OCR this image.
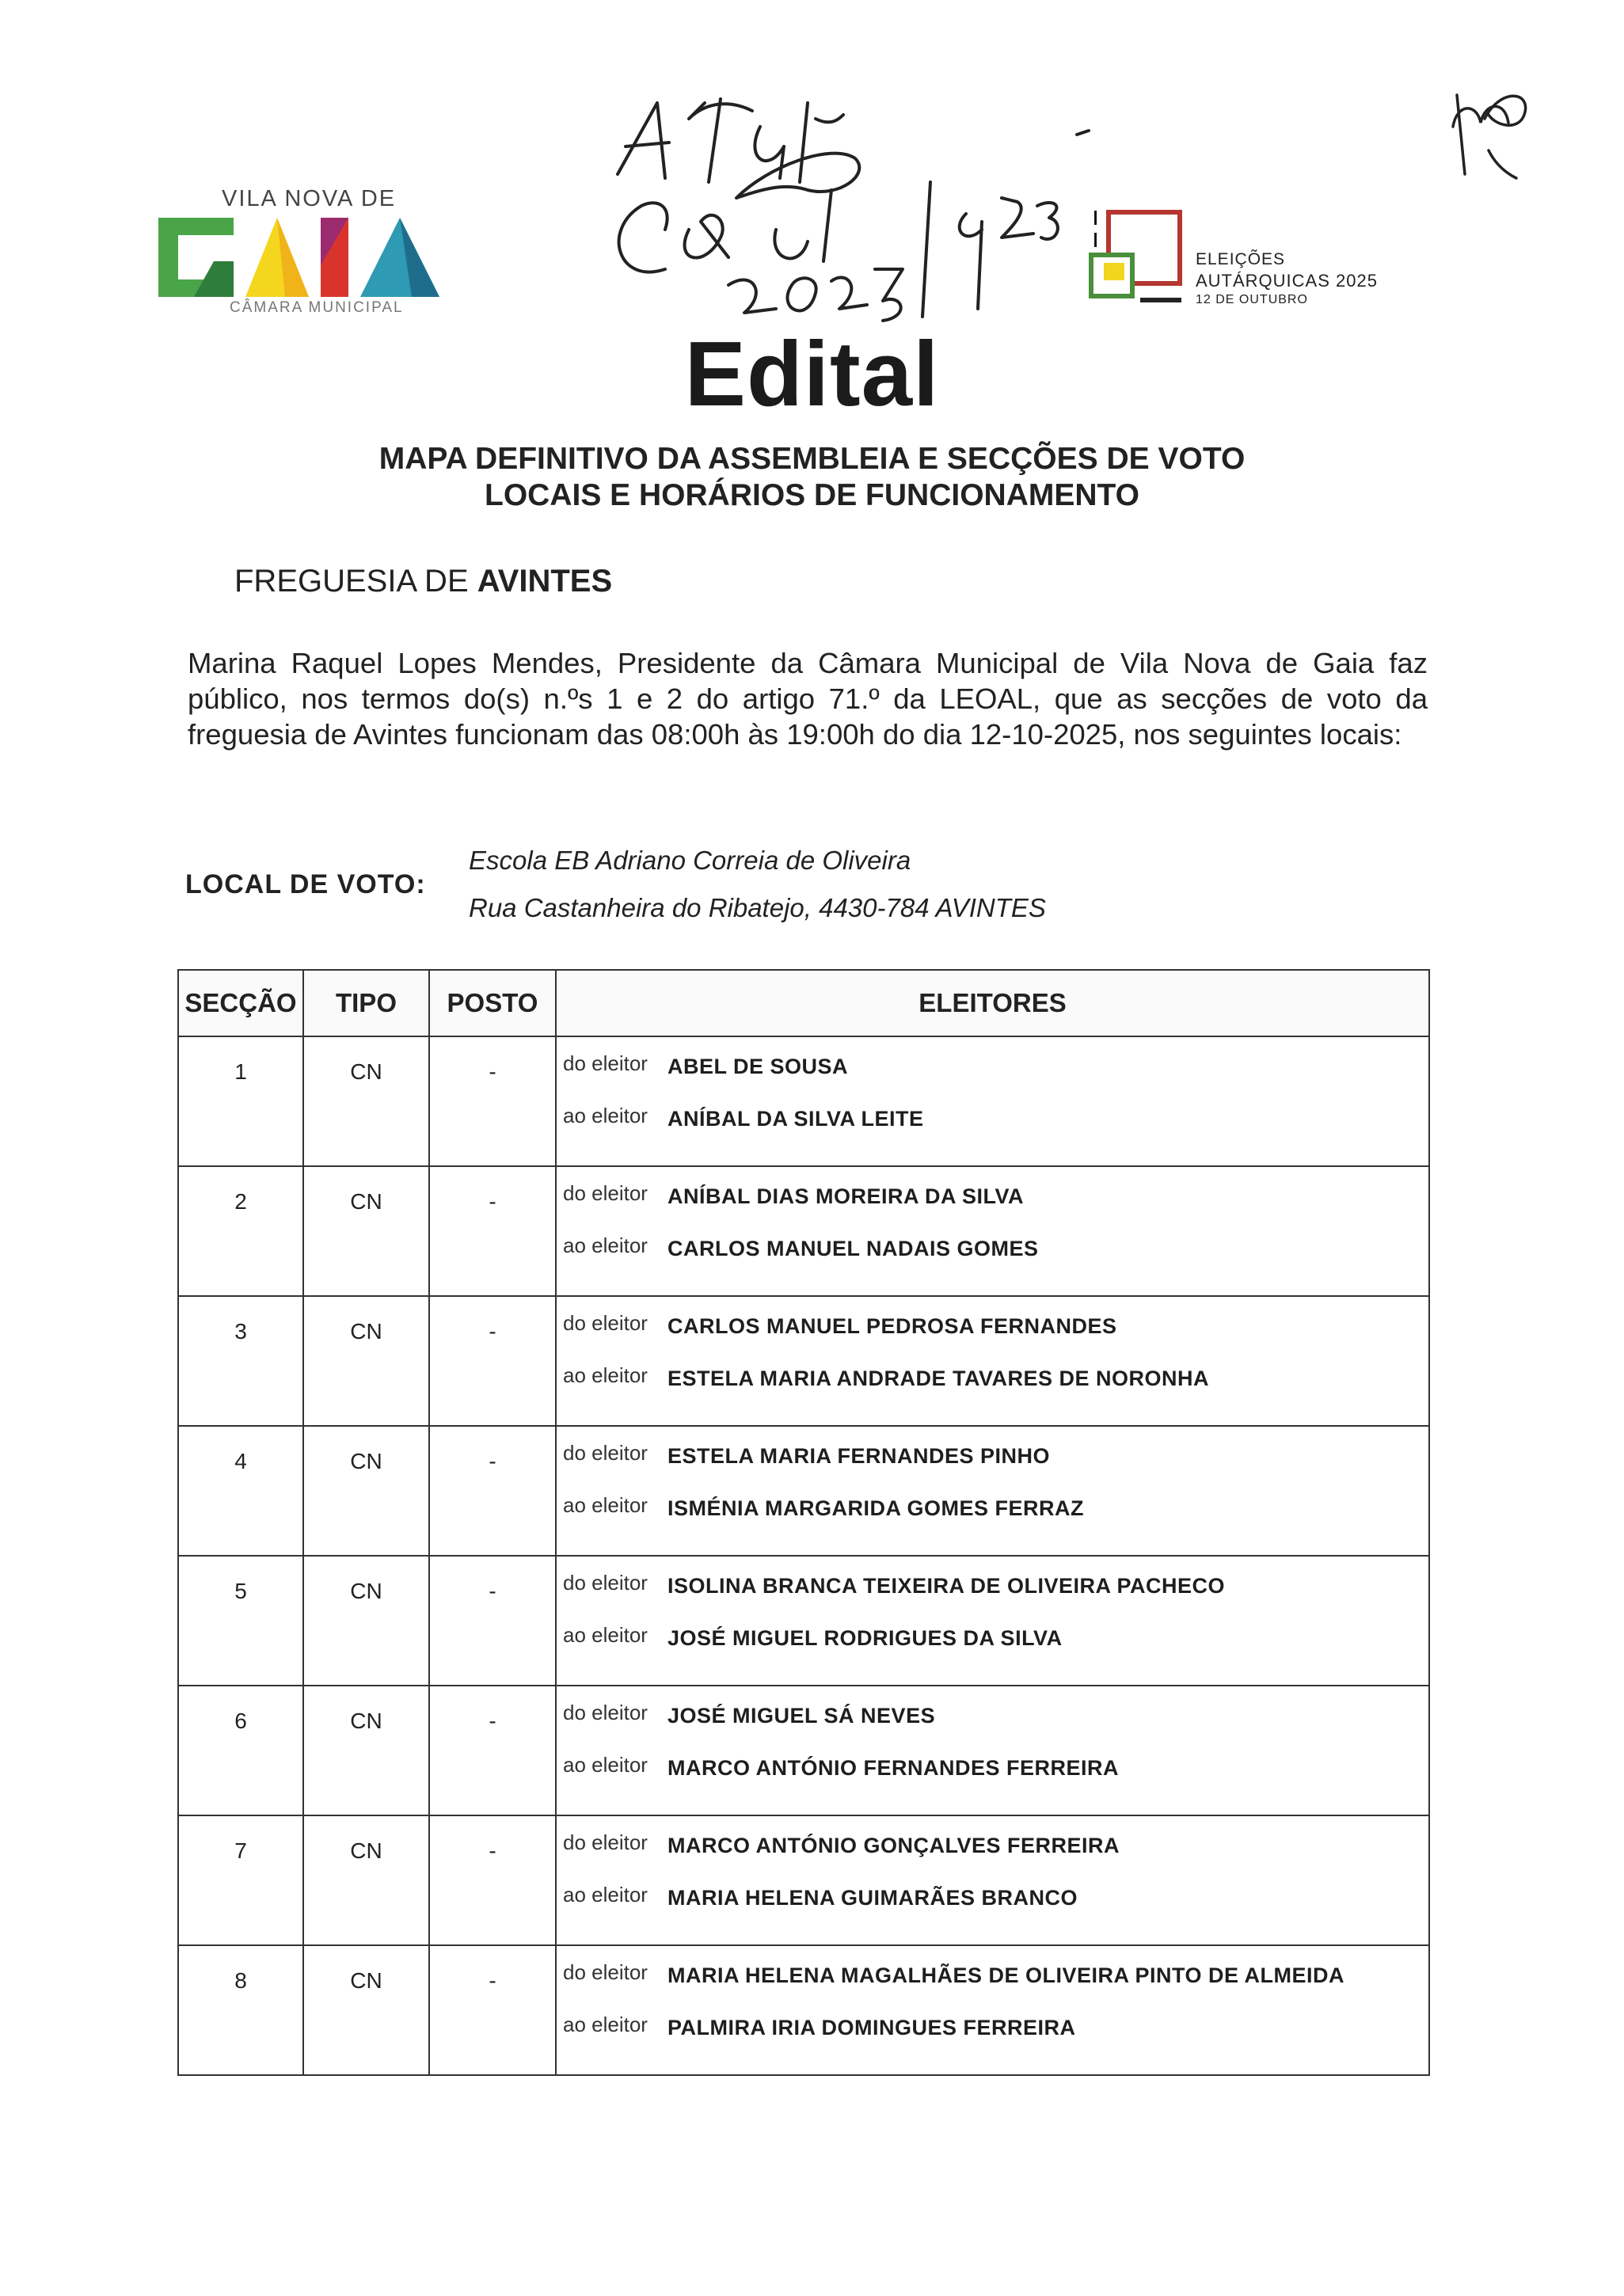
VILA NOVA DE
CÂMARA MUNICIPAL
ELEIÇÕES
AUTÁRQUICAS 2025
12 DE OUTUBRO
Edital
MAPA DEFINITIVO DA ASSEMBLEIA E SECÇÕES DE VOTO
LOCAIS E HORÁRIOS DE FUNCIONAMENTO
FREGUESIA DE AVINTES
Marina Raquel Lopes Mendes, Presidente da Câmara Municipal de Vila Nova de Gaia faz público, nos termos do(s) n.ºs 1 e 2 do artigo 71.º da LEOAL, que as secções de voto da freguesia de Avintes funcionam das 08:00h às 19:00h do dia 12-10-2025, nos seguintes locais:
LOCAL DE VOTO:
Escola EB Adriano Correia de Oliveira
Rua Castanheira do Ribatejo, 4430-784 AVINTES
SECÇÃO	TIPO	POSTO	ELEITORES
1	CN	-	do eleitor ABEL DE SOUSA
ao eleitor ANÍBAL DA SILVA LEITE

2	CN	-	do eleitor ANÍBAL DIAS MOREIRA DA SILVA
ao eleitor CARLOS MANUEL NADAIS GOMES

3	CN	-	do eleitor CARLOS MANUEL PEDROSA FERNANDES
ao eleitor ESTELA MARIA ANDRADE TAVARES DE NORONHA

4	CN	-	do eleitor ESTELA MARIA FERNANDES PINHO
ao eleitor ISMÉNIA MARGARIDA GOMES FERRAZ

5	CN	-	do eleitor ISOLINA BRANCA TEIXEIRA DE OLIVEIRA PACHECO
ao eleitor JOSÉ MIGUEL RODRIGUES DA SILVA

6	CN	-	do eleitor JOSÉ MIGUEL SÁ NEVES
ao eleitor MARCO ANTÓNIO FERNANDES FERREIRA

7	CN	-	do eleitor MARCO ANTÓNIO GONÇALVES FERREIRA
ao eleitor MARIA HELENA GUIMARÃES BRANCO

8	CN	-	do eleitor MARIA HELENA MAGALHÃES DE OLIVEIRA PINTO DE ALMEIDA
ao eleitor PALMIRA IRIA DOMINGUES FERREIRA
